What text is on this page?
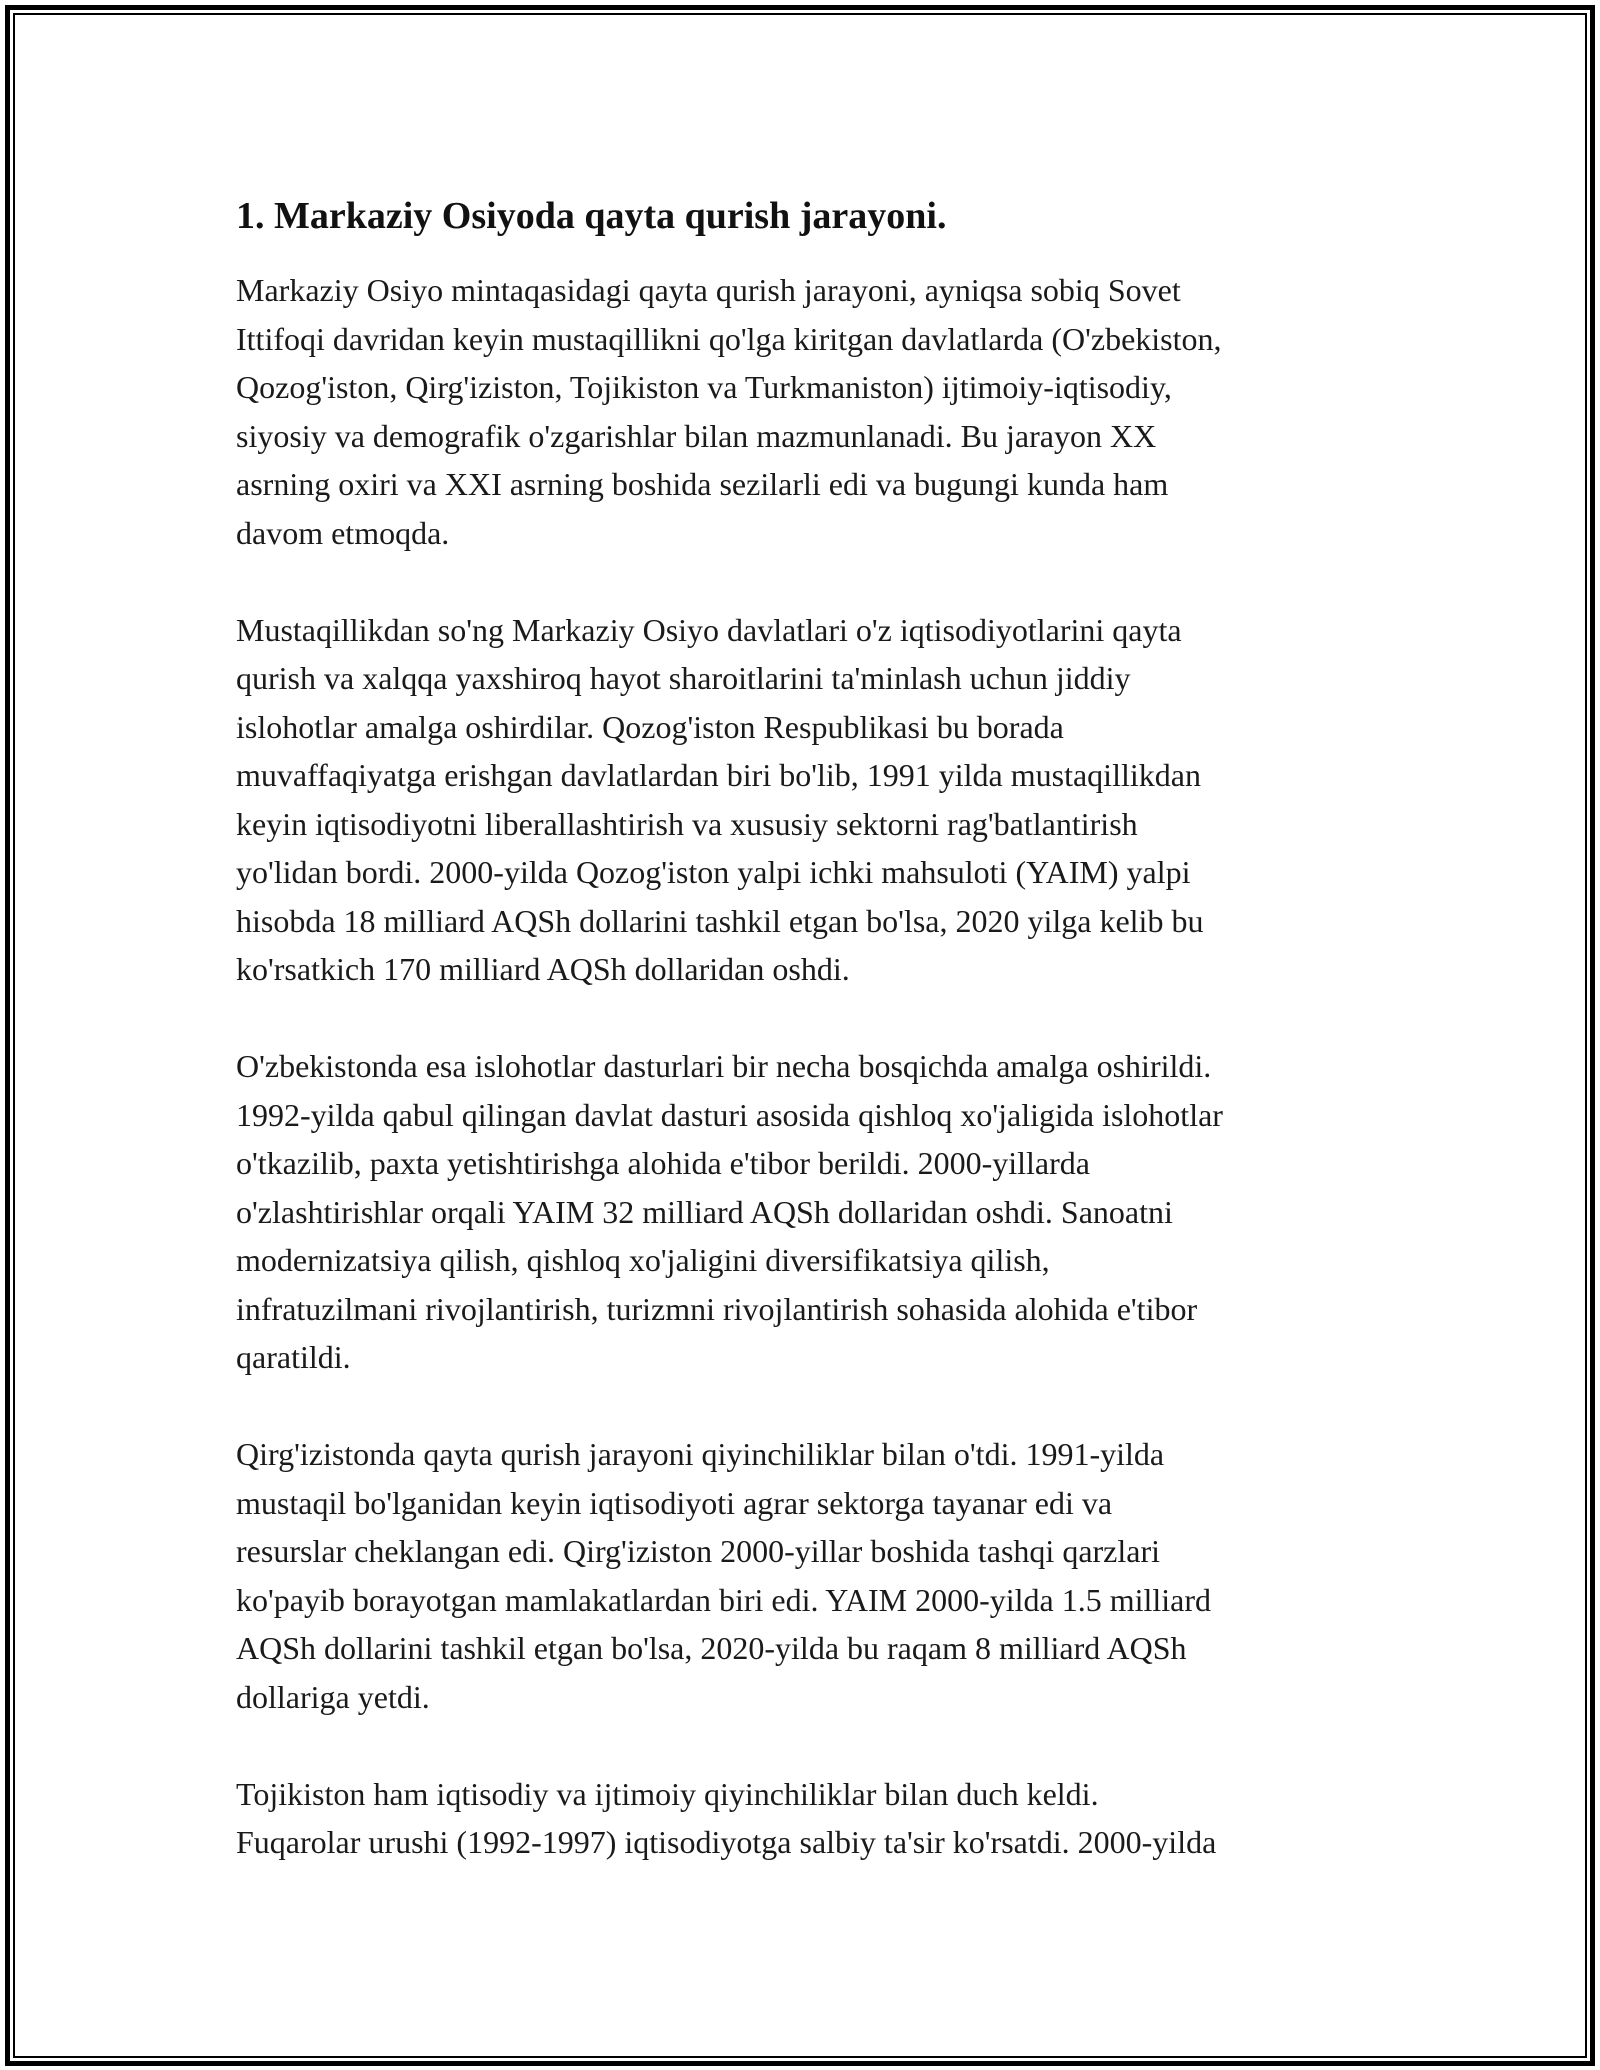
1. Markaziy Osiyoda qayta qurish jarayoni.

Markaziy Osiyo mintaqasidagi qayta qurish jarayoni, ayniqsa sobiq Sovet
Ittifoqi davridan keyin mustaqillikni qo'lga kiritgan davlatlarda (O'zbekiston,
Qozog'iston, Qirg'iziston, Tojikiston va Turkmaniston) ijtimoiy-iqtisodiy,
siyosiy va demografik o'zgarishlar bilan mazmunlanadi. Bu jarayon XX
asrning oxiri va XXI asrning boshida sezilarli edi va bugungi kunda ham
davom etmoqda.

Mustaqillikdan so'ng Markaziy Osiyo davlatlari o'z iqtisodiyotlarini qayta
qurish va xalqqa yaxshiroq hayot sharoitlarini ta'minlash uchun jiddiy
islohotlar amalga oshirdilar. Qozog'iston Respublikasi bu borada
muvaffaqiyatga erishgan davlatlardan biri bo'lib, 1991 yilda mustaqillikdan
keyin iqtisodiyotni liberallashtirish va xususiy sektorni rag'batlantirish
yo'lidan bordi. 2000-yilda Qozog'iston yalpi ichki mahsuloti (YAIM) yalpi
hisobda 18 milliard AQSh dollarini tashkil etgan bo'lsa, 2020 yilga kelib bu
ko'rsatkich 170 milliard AQSh dollaridan oshdi.

O'zbekistonda esa islohotlar dasturlari bir necha bosqichda amalga oshirildi.
1992-yilda qabul qilingan davlat dasturi asosida qishloq xo'jaligida islohotlar
o'tkazilib, paxta yetishtirishga alohida e'tibor berildi. 2000-yillarda
o'zlashtirishlar orqali YAIM 32 milliard AQSh dollaridan oshdi. Sanoatni
modernizatsiya qilish, qishloq xo'jaligini diversifikatsiya qilish,
infratuzilmani rivojlantirish, turizmni rivojlantirish sohasida alohida e'tibor
qaratildi.

Qirg'izistonda qayta qurish jarayoni qiyinchiliklar bilan o'tdi. 1991-yilda
mustaqil bo'lganidan keyin iqtisodiyoti agrar sektorga tayanar edi va
resurslar cheklangan edi. Qirg'iziston 2000-yillar boshida tashqi qarzlari
ko'payib borayotgan mamlakatlardan biri edi. YAIM 2000-yilda 1.5 milliard
AQSh dollarini tashkil etgan bo'lsa, 2020-yilda bu raqam 8 milliard AQSh
dollariga yetdi.

Tojikiston ham iqtisodiy va ijtimoiy qiyinchiliklar bilan duch keldi.
Fuqarolar urushi (1992-1997) iqtisodiyotga salbiy ta'sir ko'rsatdi. 2000-yilda
